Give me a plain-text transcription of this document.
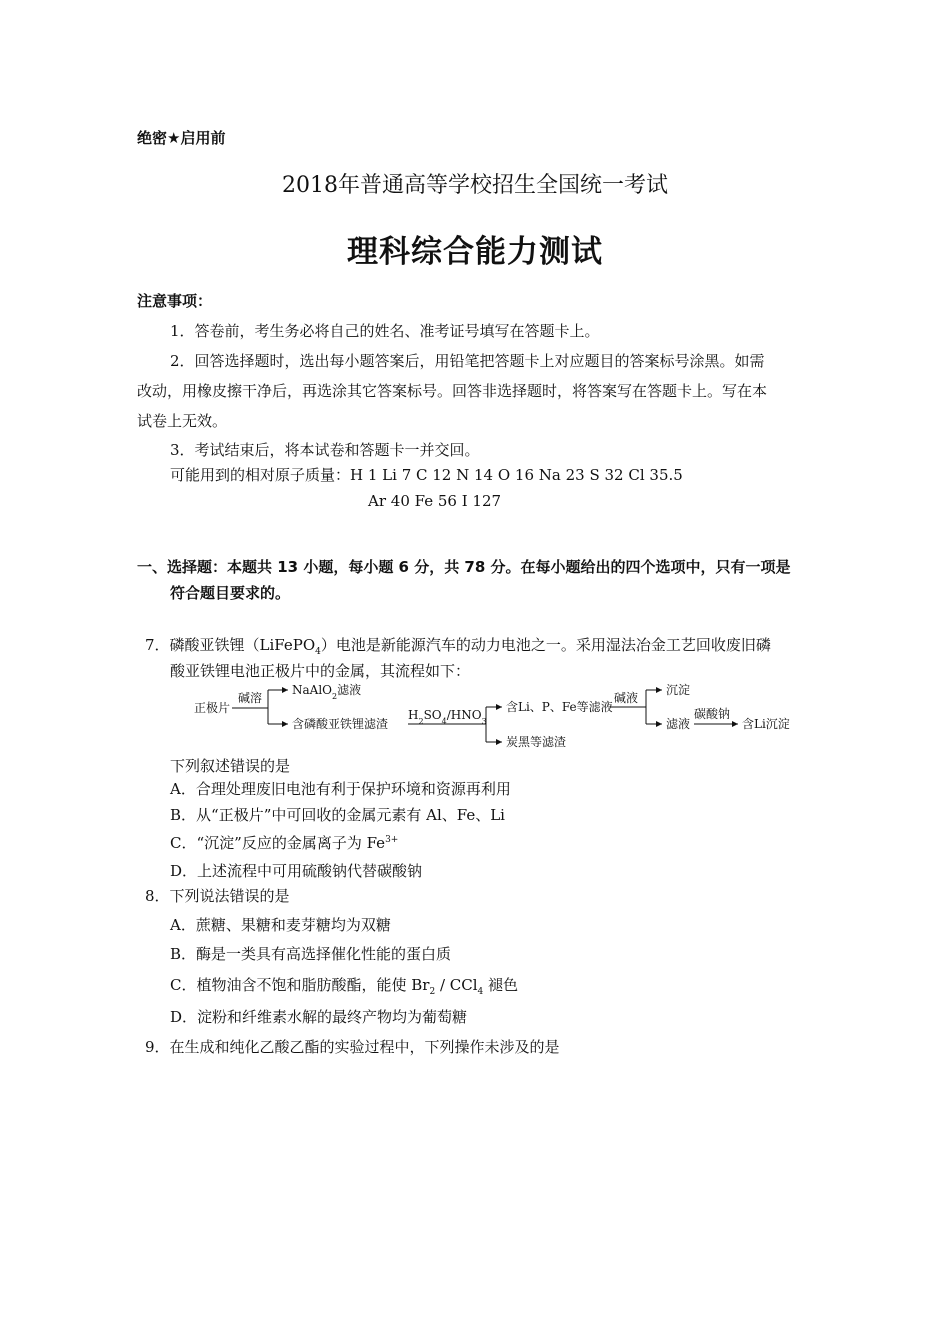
绝密★启用前
2018年普通高等学校招生全国统一考试
理科综合能力测试
注意事项：
1．答卷前，考生务必将自己的姓名、准考证号填写在答题卡上。
2．回答选择题时，选出每小题答案后，用铅笔把答题卡上对应题目的答案标号涂黑。如需
改动，用橡皮擦干净后，再选涂其它答案标号。回答非选择题时，将答案写在答题卡上。写在本
试卷上无效。
3．考试结束后，将本试卷和答题卡一并交回。
可能用到的相对原子质量：H 1 Li 7 C 12 N 14 O 16 Na 23 S 32 Cl 35.5
Ar 40 Fe 56 I 127
一、选择题：本题共 13 小题，每小题 6 分，共 78 分。在每小题给出的四个选项中，只有一项是
符合题目要求的。
7．磷酸亚铁锂（LiFePO$_4$）电池是新能源汽车的动力电池之一。采用湿法冶金工艺回收废旧磷
酸亚铁锂电池正极片中的金属，其流程如下：
正极片
碱溶
NaAlO$_2$滤液
含磷酸亚铁锂滤渣
$H_2SO_4/HNO_3$
含Li、P、Fe等滤液
炭黑等滤渣
碱液
沉淀
滤液
碳酸钠
含Li沉淀
下列叙述错误的是
A．合理处理废旧电池有利于保护环境和资源再利用
B．从“正极片”中可回收的金属元素有 Al、Fe、Li
C．“沉淀”反应的金属离子为 $Fe^{3+}$
D．上述流程中可用硫酸钠代替碳酸钠
8．下列说法错误的是
A．蔗糖、果糖和麦芽糖均为双糖
B．酶是一类具有高选择催化性能的蛋白质
C．植物油含不饱和脂肪酸酯，能使 $Br_2 / CCl_4$ 褪色
D．淀粉和纤维素水解的最终产物均为葡萄糖
9．在生成和纯化乙酸乙酯的实验过程中，下列操作未涉及的是
